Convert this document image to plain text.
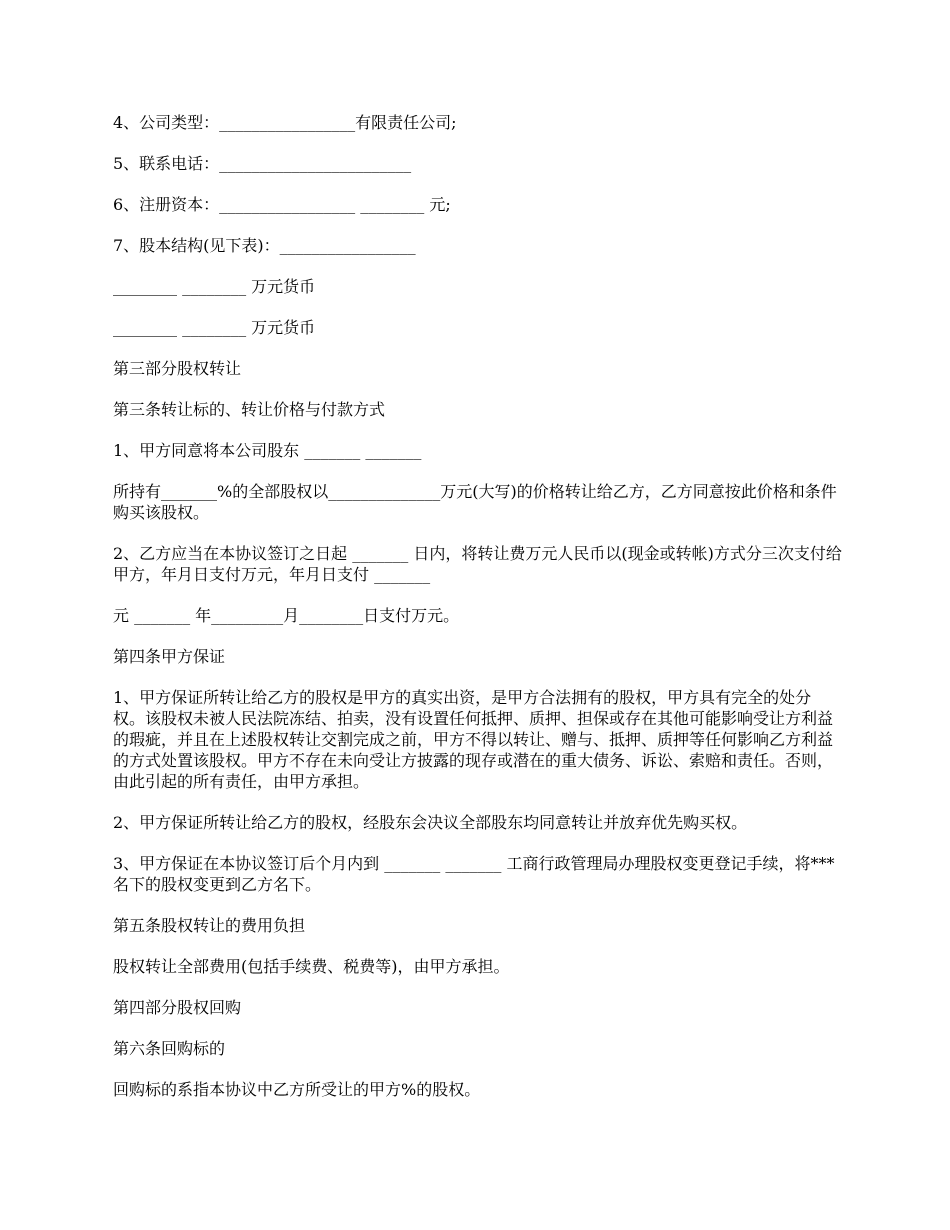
4、公司类型：_________________有限责任公司;

5、联系电话：________________________

6、注册资本：_________________ ________ 元;

7、股本结构(见下表)：_________________

________ ________ 万元货币

________ ________ 万元货币

第三部分股权转让

第三条转让标的、转让价格与付款方式

1、甲方同意将本公司股东 _______ _______

所持有_______%的全部股权以______________万元(大写)的价格转让给乙方，乙方同意按此价格和条件购买该股权。

2、乙方应当在本协议签订之日起 _______ 日内，将转让费万元人民币以(现金或转帐)方式分三次支付给甲方，年月日支付万元，年月日支付 _______

元 _______ 年_________月________日支付万元。

第四条甲方保证

1、甲方保证所转让给乙方的股权是甲方的真实出资，是甲方合法拥有的股权，甲方具有完全的处分权。该股权未被人民法院冻结、拍卖，没有设置任何抵押、质押、担保或存在其他可能影响受让方利益的瑕疵，并且在上述股权转让交割完成之前，甲方不得以转让、赠与、抵押、质押等任何影响乙方利益的方式处置该股权。甲方不存在未向受让方披露的现存或潜在的重大债务、诉讼、索赔和责任。否则，由此引起的所有责任，由甲方承担。

2、甲方保证所转让给乙方的股权，经股东会决议全部股东均同意转让并放弃优先购买权。

3、甲方保证在本协议签订后个月内到 _______ _______ 工商行政管理局办理股权变更登记手续，将***名下的股权变更到乙方名下。

第五条股权转让的费用负担

股权转让全部费用(包括手续费、税费等)，由甲方承担。

第四部分股权回购

第六条回购标的

回购标的系指本协议中乙方所受让的甲方%的股权。
